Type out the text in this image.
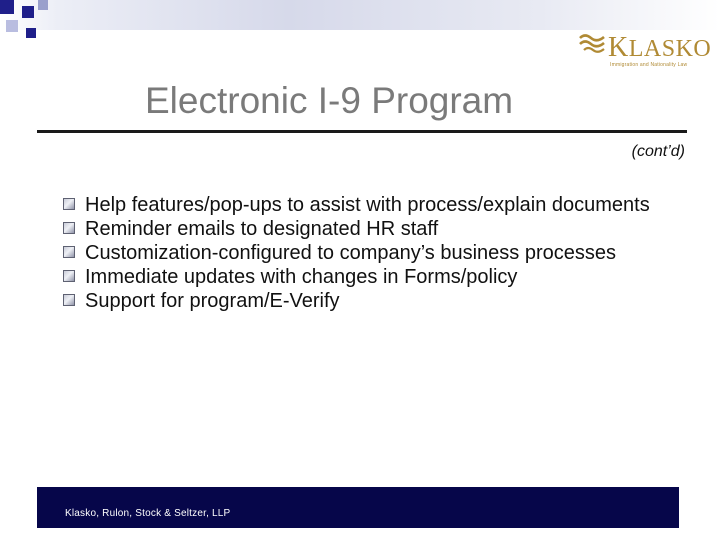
KLASKO
Immigration and Nationality Law
Electronic I-9 Program
(cont’d)
Help features/pop-ups to assist with process/explain documents
Reminder emails to designated HR staff
Customization-configured to company’s business processes
Immediate updates with changes in Forms/policy
Support for program/E-Verify
Klasko, Rulon, Stock & Seltzer, LLP
